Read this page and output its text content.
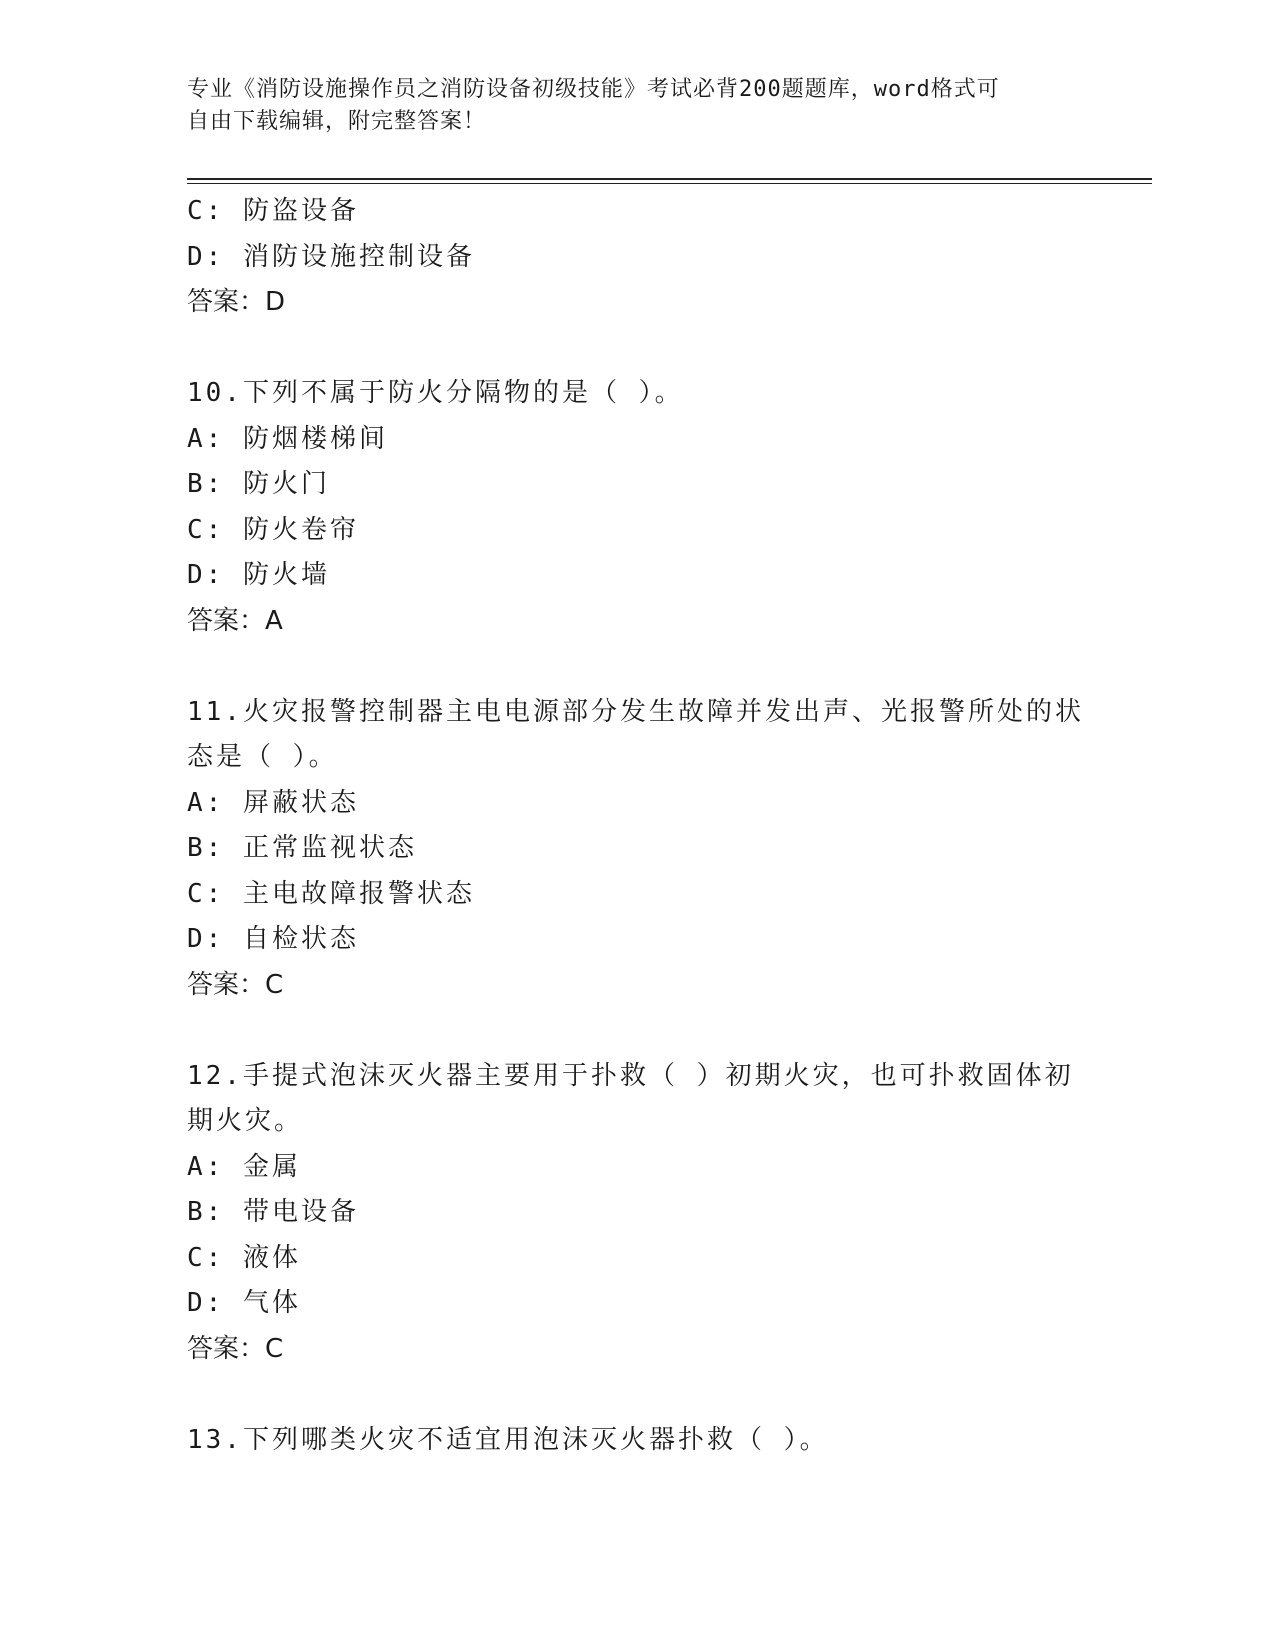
专业《消防设施操作员之消防设备初级技能》考试必背200题题库，word格式可
自由下载编辑，附完整答案！
C: 防盗设备
D: 消防设施控制设备
答案：D
10.下列不属于防火分隔物的是（ ）。
A: 防烟楼梯间
B: 防火门
C: 防火卷帘
D: 防火墙
答案：A
11.火灾报警控制器主电电源部分发生故障并发出声、光报警所处的状
态是（ ）。
A: 屏蔽状态
B: 正常监视状态
C: 主电故障报警状态
D: 自检状态
答案：C
12.手提式泡沫灭火器主要用于扑救（ ）初期火灾，也可扑救固体初
期火灾。
A: 金属
B: 带电设备
C: 液体
D: 气体
答案：C
13.下列哪类火灾不适宜用泡沫灭火器扑救（ ）。
